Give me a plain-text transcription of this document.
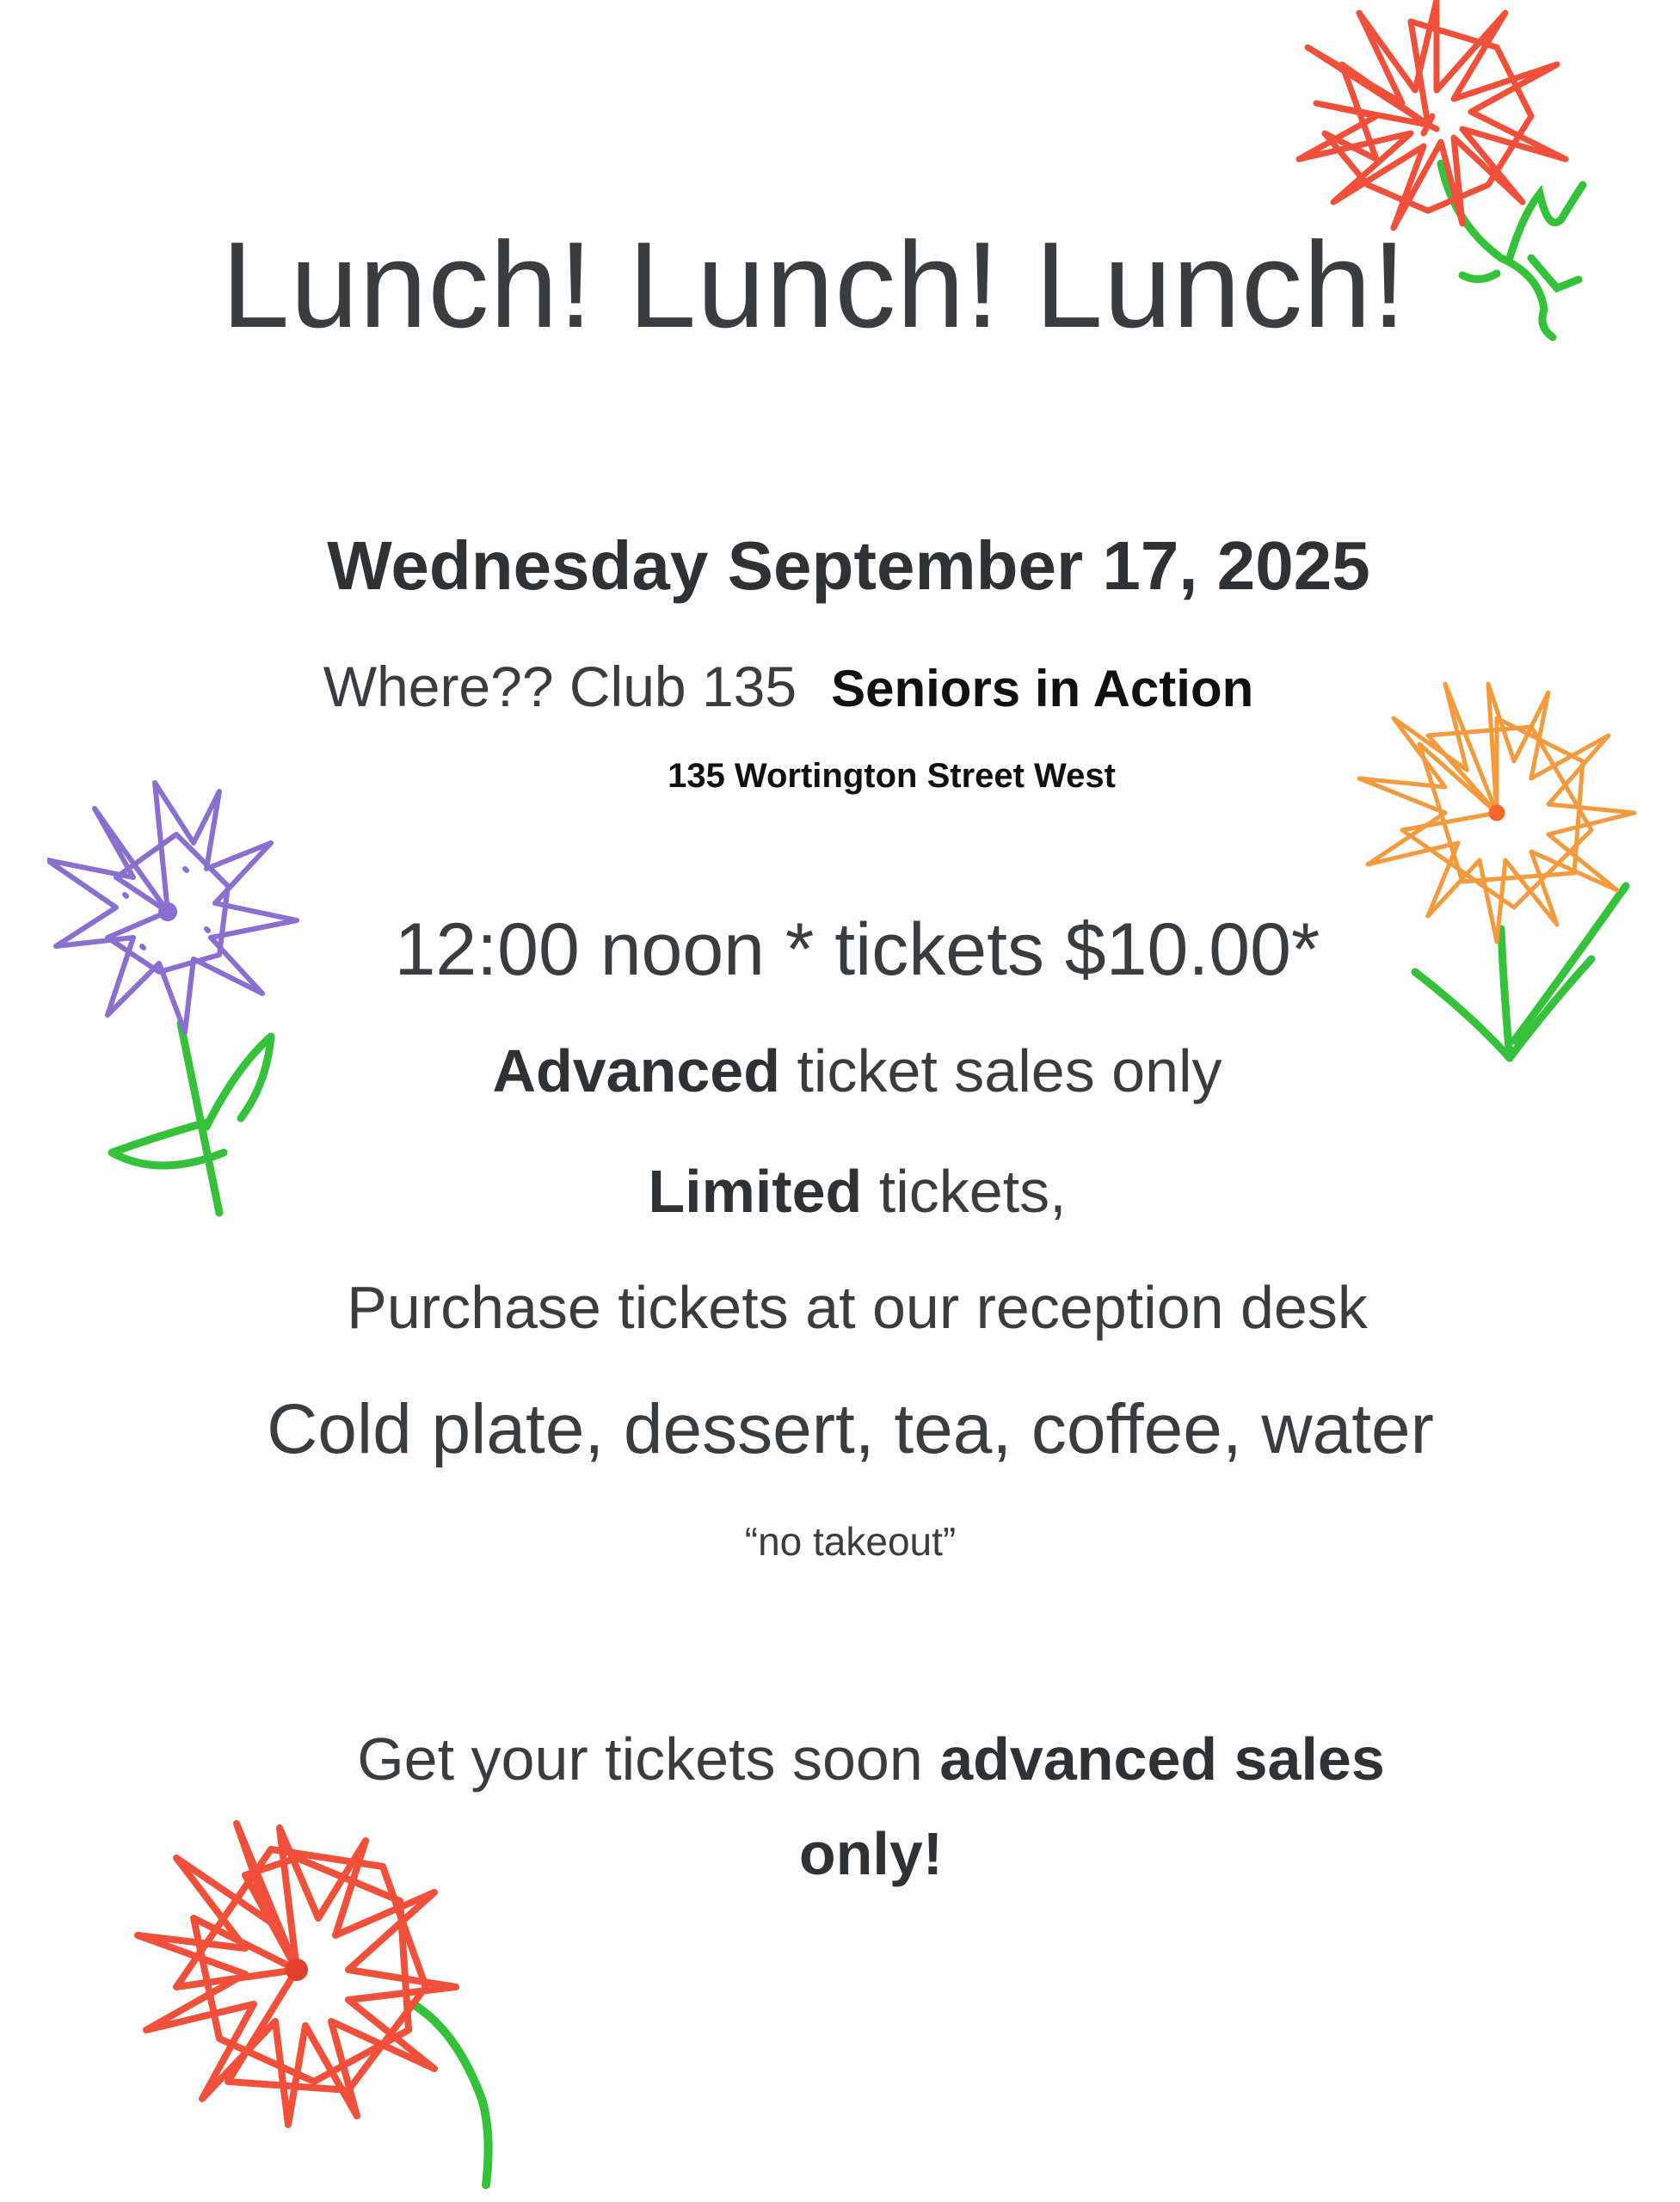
Lunch! Lunch! Lunch!
Wednesday September 17, 2025
Where?? Club 135 Seniors in Action
135 Wortington Street West
12:00 noon * tickets $10.00*
Advanced ticket sales only
Limited tickets,
Purchase tickets at our reception desk
Cold plate, dessert, tea, coffee, water
“no takeout”
Get your tickets soon advanced sales
only!
